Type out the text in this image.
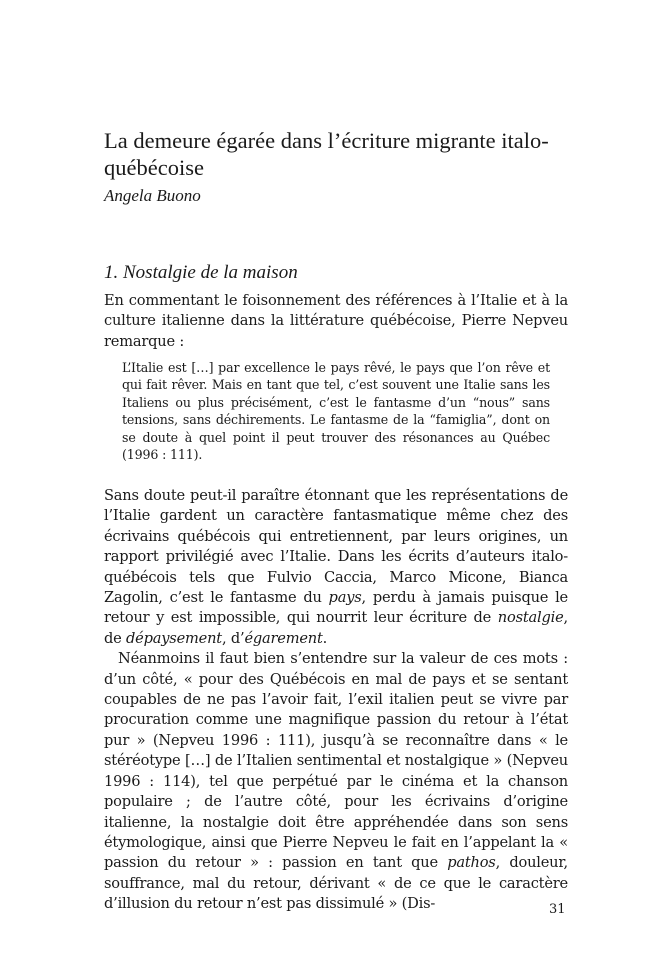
La demeure égarée dans l’écriture migrante italo-québécoise
Angela Buono
1. Nostalgie de la maison
En commentant le foisonnement des références à l’Italie et à la culture italienne dans la littérature québécoise, Pierre Nepveu remarque :
L’Italie est […] par excellence le pays rêvé, le pays que l’on rêve et qui fait rêver. Mais en tant que tel, c’est souvent une Italie sans les Italiens ou plus précisément, c’est le fantasme d’un “nous” sans tensions, sans déchirements. Le fantasme de la “famiglia”, dont on se doute à quel point il peut trouver des résonances au Québec (1996 : 111).

Sans doute peut-il paraître étonnant que les représentations de l’Italie gardent un caractère fantasmatique même chez des écrivains québécois qui entretiennent, par leurs origines, un rapport privilégié avec l’Italie. Dans les écrits d’auteurs italo-québécois tels que Fulvio Caccia, Marco Micone, Bianca Zagolin, c’est le fantasme du pays, perdu à jamais puisque le retour y est impossible, qui nourrit leur écriture de nostalgie, de dépaysement, d’égarement.

Néanmoins il faut bien s’entendre sur la valeur de ces mots : d’un côté, « pour des Québécois en mal de pays et se sentant coupables de ne pas l’avoir fait, l’exil italien peut se vivre par procuration comme une magnifique passion du retour à l’état pur » (Nepveu 1996 : 111), jusqu’à se reconnaître dans « le stéréotype […] de l’Italien sentimental et nostalgique » (Nepveu 1996 : 114), tel que perpétué par le cinéma et la chanson populaire ; de l’autre côté, pour les écrivains d’origine italienne, la nostalgie doit être appréhendée dans son sens étymologique, ainsi que Pierre Nepveu le fait en l’appelant la « passion du retour » : passion en tant que pathos, douleur, souffrance, mal du retour, dérivant « de ce que le caractère d’illusion du retour n’est pas dissimulé » (Dis-	31
